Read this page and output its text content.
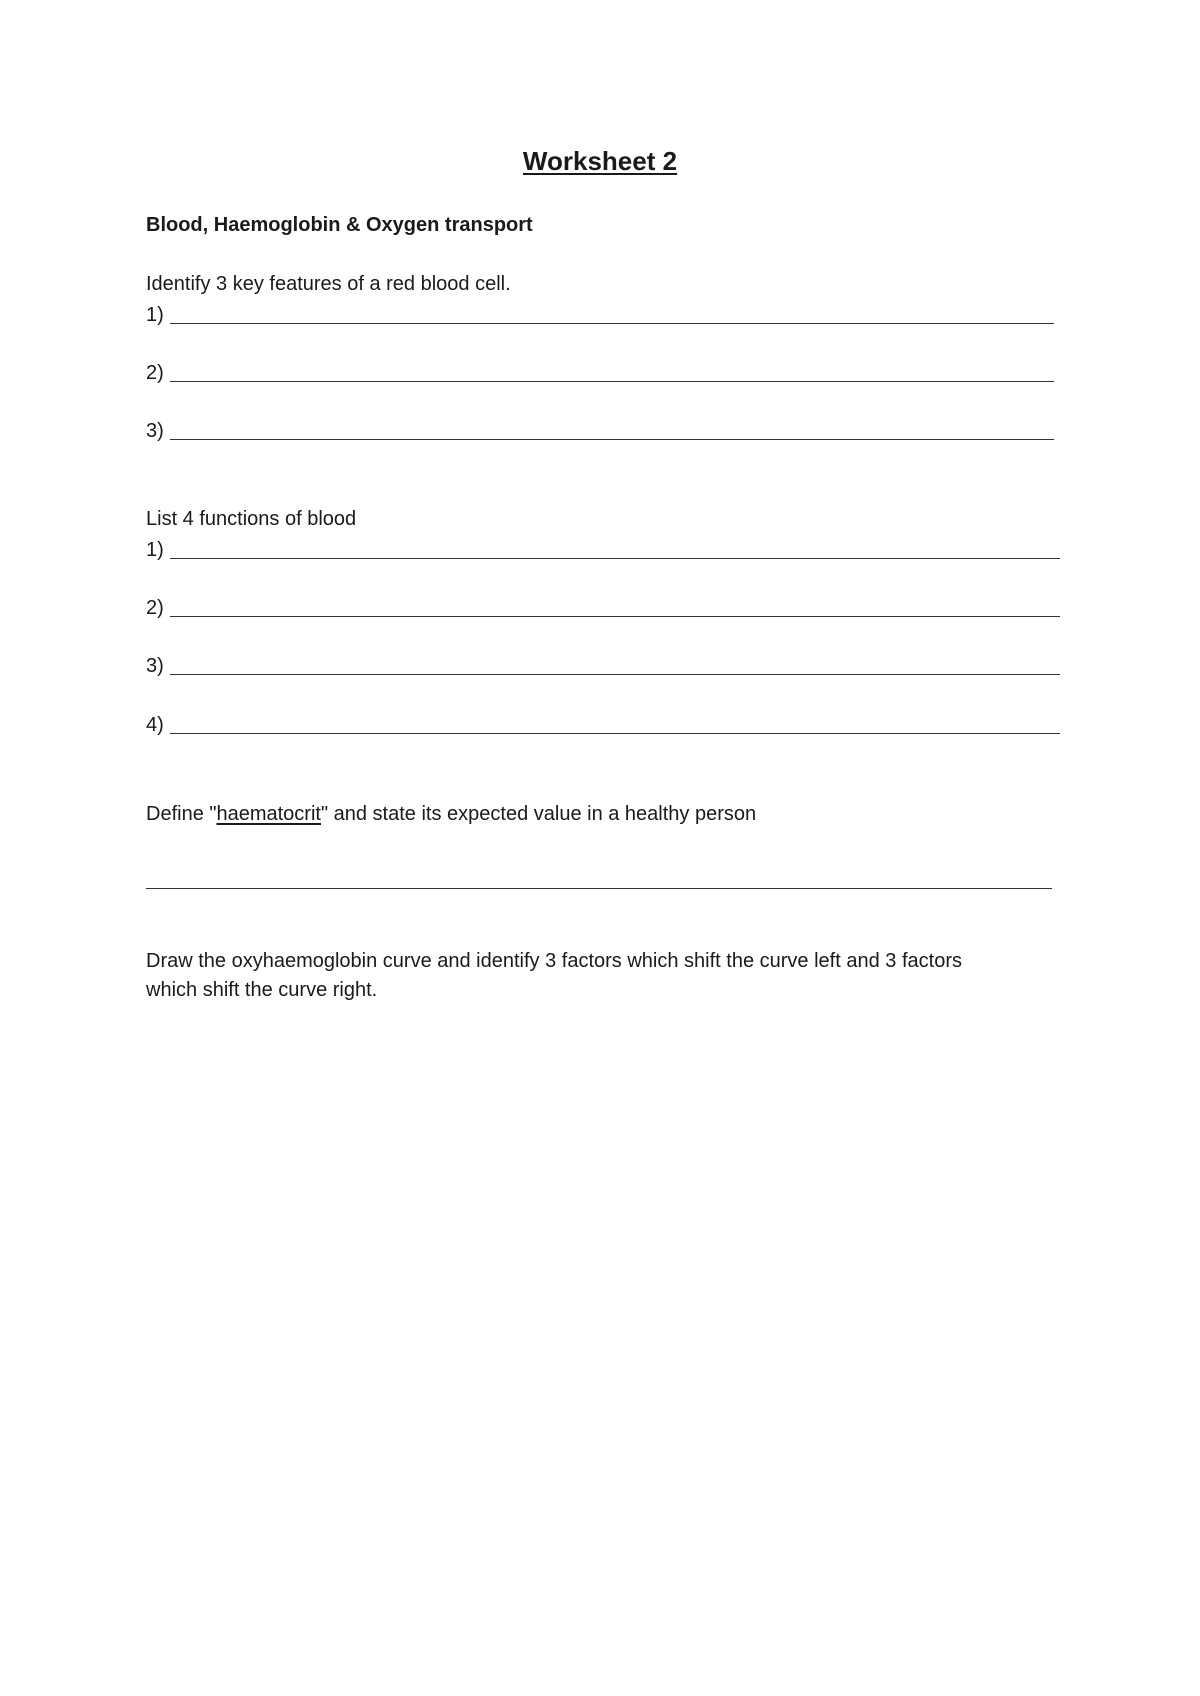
Worksheet 2

Blood, Haemoglobin & Oxygen transport

Identify 3 key features of a red blood cell.

1)
2)
3)

List 4 functions of blood

1)
2)
3)
4)

Define "haematocrit" and state its expected value in a healthy person

Draw the oxyhaemoglobin curve and identify 3 factors which shift the curve left and 3 factors
which shift the curve right.
